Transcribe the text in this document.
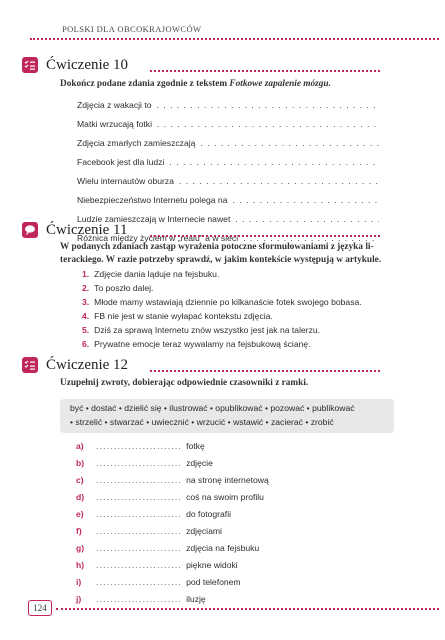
POLSKI DLA OBCOKRAJOWCÓW
Ćwiczenie 10
Dokończ podane zdania zgodnie z tekstem Fotkowe zapalenie mózgu.
Zdjęcia z wakacji to
. . .
Matki wrzucają fotki
. . .
Zdjęcia zmarłych zamieszczają
. . .
Facebook jest dla ludzi
. . .
Wielu internautów oburza
. . .
Niebezpieczeństwo Internetu polega na
. . .
Ludzie zamieszczają w Internecie nawet
. . .
Różnica między życiem w „realu" a w sieci
. . .
Ćwiczenie 11
W podanych zdaniach zastąp wyrażenia potoczne sformułowaniami z języka li-
terackiego. W razie potrzeby sprawdź, w jakim kontekście występują w artykule.
1. Zdjęcie dania ląduje na fejsbuku.
2. To poszło dalej.
3. Młode mamy wstawiają dziennie po kilkanaście fotek swojego bobasa.
4. FB nie jest w stanie wyłapać kontekstu zdjęcia.
5. Dziś za sprawą Internetu znów wszystko jest jak na talerzu.
6. Prywatne emocje teraz wywalamy na fejsbukową ścianę.
Ćwiczenie 12
Uzupełnij zwroty, dobierając odpowiednie czasowniki z ramki.
być • dostać • dzielić się • ilustrować • opublikować • pozować • publikować
• strzelić • stwarzać • uwiecznić • wrzucić • wstawić • zacierać • zrobić
a)	........................ fotkę
b)	........................ zdjęcie
c)	........................ na stronę internetową
d)	........................ coś na swoim profilu
e)	........................ do fotografii
f)	........................ zdjęciami
g)	........................ zdjęcia na fejsbuku
h)	........................ piękne widoki
i)	........................ pod telefonem
j)	........................ iluzję
124
